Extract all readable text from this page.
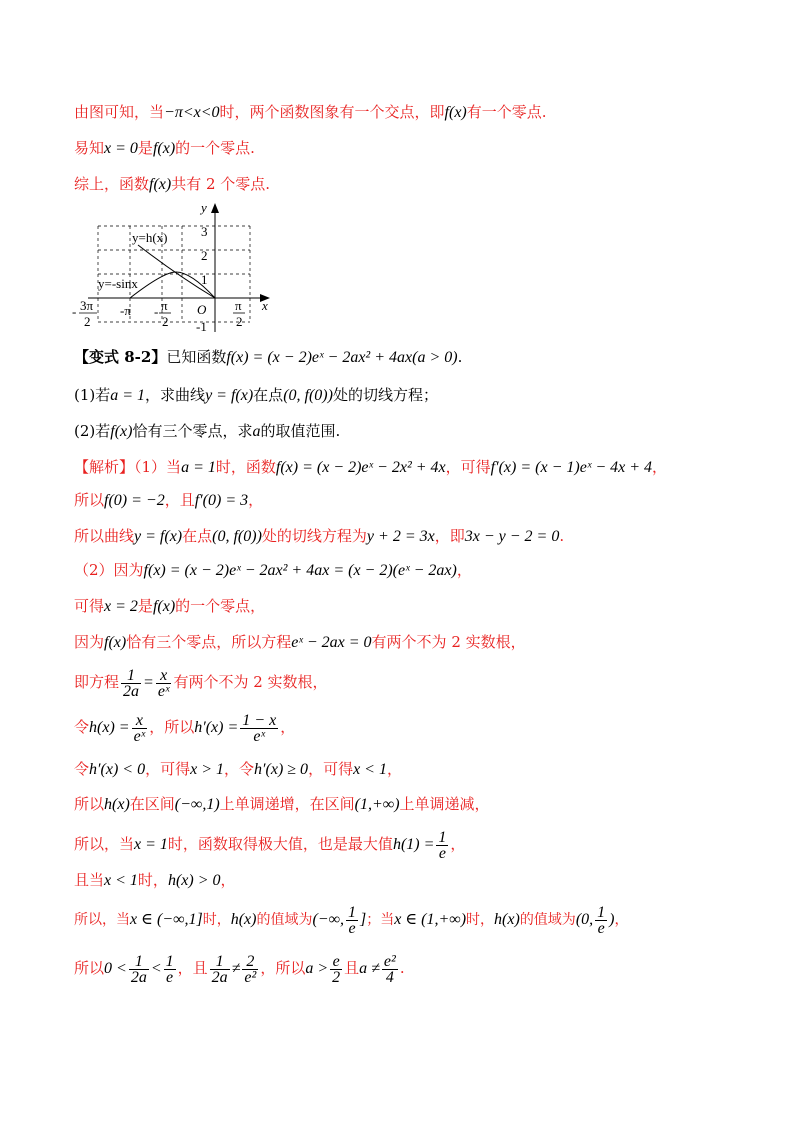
由图可知，当−π<x<0时，两个函数图象有一个交点，即f(x)有一个零点.
易知x = 0是f(x)的一个零点.
综上，函数f(x)共有 2 个零点.
y
x
3
2
1
-1
y=h(x)
y=-sinx
O
- 3π
2
-π - π
2
π
2
【变式 8-2】已知函数f(x) = (x − 2)eˣ − 2ax² + 4ax(a > 0).
(1)若a = 1，求曲线y = f(x)在点(0, f(0))处的切线方程；
(2)若f(x)恰有三个零点，求a的取值范围.
【解析】（1）当a = 1时，函数f(x) = (x − 2)eˣ − 2x² + 4x，可得f′(x) = (x − 1)eˣ − 4x + 4，
所以f(0) = −2，且f′(0) = 3，
所以曲线y = f(x)在点(0, f(0))处的切线方程为y + 2 = 3x，即3x − y − 2 = 0.
（2）因为f(x) = (x − 2)eˣ − 2ax² + 4ax = (x − 2)(eˣ − 2ax)，
可得x = 2是f(x)的一个零点，
因为f(x)恰有三个零点，所以方程eˣ − 2ax = 0有两个不为 2 实数根，
即方程 $\frac{1}{2a} = \frac{x}{\text{eˣ}}$ 有两个不为 2 实数根，
令$h(x) = \frac{x}{\text{eˣ}}$ ，所以$h'(x) = \frac{1 - x}{\text{eˣ}}$ ，
令h′(x) < 0，可得x > 1，令h′(x) ≥ 0，可得x < 1，
所以h(x)在区间(−∞,1)上单调递增，在区间(1,+∞)上单调递减，
所以，当x = 1时，函数取得极大值，也是最大值$h(1) = \frac{1}{e}$ ，
且当x < 1时，h(x) > 0，
所以，当x ∈ (−∞,1]时，h(x)的值域为(−∞, $\frac{1}{e}$ ]；当x ∈ (1,+∞)时，h(x)的值域为(0, $\frac{1}{e}$ )，
所以$0 < \frac{1}{2a} < \frac{1}{e}$ ，且 $\frac{1}{2a} \ne \frac{2}{\text{e²}}$ ，所以$a > \frac{e}{2}$ 且$a \ne \frac{\text{e²}}{4}$ .
